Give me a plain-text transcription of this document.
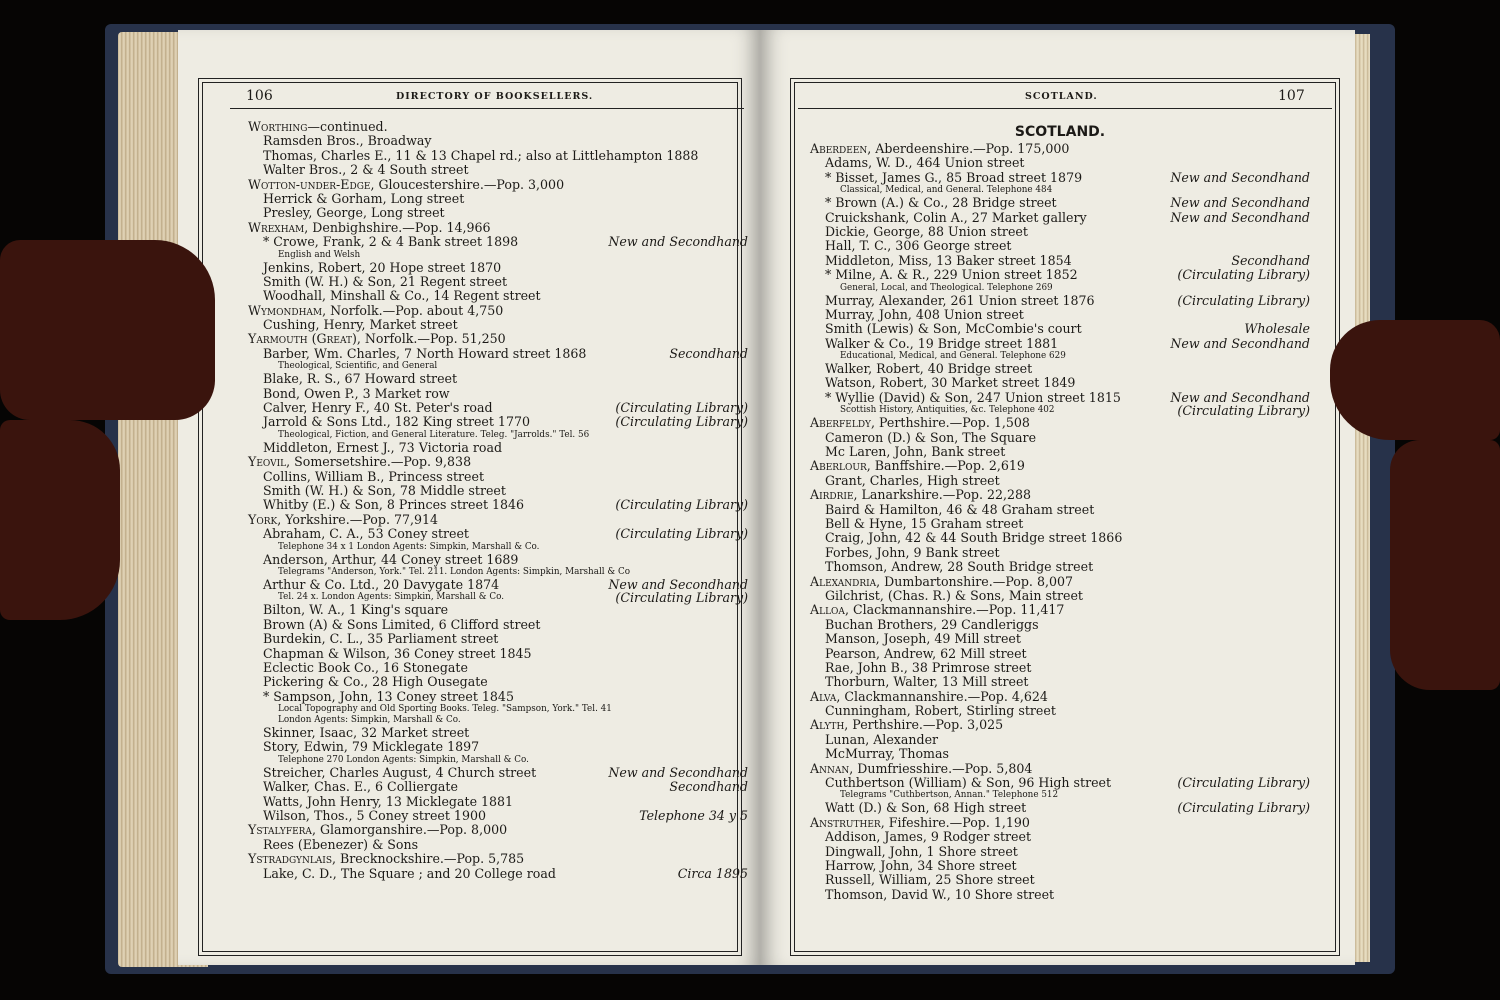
106	DIRECTORY OF BOOKSELLERS.
Worthing—continued.
Ramsden Bros., Broadway
Thomas, Charles E., 11 & 13 Chapel rd.; also at Littlehampton 1888
Walter Bros., 2 & 4 South street
Wotton-under-Edge, Gloucestershire.—Pop. 3,000
Herrick & Gorham, Long street
Presley, George, Long street
Wrexham, Denbighshire.—Pop. 14,966
* Crowe, Frank, 2 & 4 Bank street 1898	New and Secondhand
English and Welsh
Jenkins, Robert, 20 Hope street 1870
Smith (W. H.) & Son, 21 Regent street
Woodhall, Minshall & Co., 14 Regent street
Wymondham, Norfolk.—Pop. about 4,750
Cushing, Henry, Market street
Yarmouth (Great), Norfolk.—Pop. 51,250
Barber, Wm. Charles, 7 North Howard street 1868	Secondhand
Theological, Scientific, and General
Blake, R. S., 67 Howard street
Bond, Owen P., 3 Market row
Calver, Henry F., 40 St. Peter's road	(Circulating Library)
Jarrold & Sons Ltd., 182 King street 1770	(Circulating Library)
Theological, Fiction, and General Literature. Teleg. "Jarrolds." Tel. 56
Middleton, Ernest J., 73 Victoria road
Yeovil, Somersetshire.—Pop. 9,838
Collins, William B., Princess street
Smith (W. H.) & Son, 78 Middle street
Whitby (E.) & Son, 8 Princes street 1846	(Circulating Library)
York, Yorkshire.—Pop. 77,914
Abraham, C. A., 53 Coney street	(Circulating Library)
Telephone 34 x 1 London Agents: Simpkin, Marshall & Co.
Anderson, Arthur, 44 Coney street 1689
Telegrams "Anderson, York." Tel. 211. London Agents: Simpkin, Marshall & Co
Arthur & Co. Ltd., 20 Davygate 1874	New and Secondhand
Tel. 24 x. London Agents: Simpkin, Marshall & Co.	(Circulating Library)
Bilton, W. A., 1 King's square
Brown (A) & Sons Limited, 6 Clifford street
Burdekin, C. L., 35 Parliament street
Chapman & Wilson, 36 Coney street 1845
Eclectic Book Co., 16 Stonegate
Pickering & Co., 28 High Ousegate
* Sampson, John, 13 Coney street 1845
Local Topography and Old Sporting Books. Teleg. "Sampson, York." Tel. 41
London Agents: Simpkin, Marshall & Co.
Skinner, Isaac, 32 Market street
Story, Edwin, 79 Micklegate 1897
Telephone 270 London Agents: Simpkin, Marshall & Co.
Streicher, Charles August, 4 Church street	New and Secondhand
Walker, Chas. E., 6 Colliergate	Secondhand
Watts, John Henry, 13 Micklegate 1881
Wilson, Thos., 5 Coney street 1900	Telephone 34 y 5
Ystalyfera, Glamorganshire.—Pop. 8,000
Rees (Ebenezer) & Sons
Ystradgynlais, Brecknockshire.—Pop. 5,785
Lake, C. D., The Square ; and 20 College road	Circa 1895
SCOTLAND.	107
SCOTLAND.
Aberdeen, Aberdeenshire.—Pop. 175,000
Adams, W. D., 464 Union street
* Bisset, James G., 85 Broad street 1879	New and Secondhand
Classical, Medical, and General. Telephone 484
* Brown (A.) & Co., 28 Bridge street	New and Secondhand
Cruickshank, Colin A., 27 Market gallery	New and Secondhand
Dickie, George, 88 Union street
Hall, T. C., 306 George street
Middleton, Miss, 13 Baker street 1854	Secondhand
* Milne, A. & R., 229 Union street 1852	(Circulating Library)
General, Local, and Theological. Telephone 269
Murray, Alexander, 261 Union street 1876	(Circulating Library)
Murray, John, 408 Union street
Smith (Lewis) & Son, McCombie's court	Wholesale
Walker & Co., 19 Bridge street 1881	New and Secondhand
Educational, Medical, and General. Telephone 629
Walker, Robert, 40 Bridge street
Watson, Robert, 30 Market street 1849
* Wyllie (David) & Son, 247 Union street 1815	New and Secondhand
Scottish History, Antiquities, &c. Telephone 402	(Circulating Library)
Aberfeldy, Perthshire.—Pop. 1,508
Cameron (D.) & Son, The Square
Mc Laren, John, Bank street
Aberlour, Banffshire.—Pop. 2,619
Grant, Charles, High street
Airdrie, Lanarkshire.—Pop. 22,288
Baird & Hamilton, 46 & 48 Graham street
Bell & Hyne, 15 Graham street
Craig, John, 42 & 44 South Bridge street 1866
Forbes, John, 9 Bank street
Thomson, Andrew, 28 South Bridge street
Alexandria, Dumbartonshire.—Pop. 8,007
Gilchrist, (Chas. R.) & Sons, Main street
Alloa, Clackmannanshire.—Pop. 11,417
Buchan Brothers, 29 Candleriggs
Manson, Joseph, 49 Mill street
Pearson, Andrew, 62 Mill street
Rae, John B., 38 Primrose street
Thorburn, Walter, 13 Mill street
Alva, Clackmannanshire.—Pop. 4,624
Cunningham, Robert, Stirling street
Alyth, Perthshire.—Pop. 3,025
Lunan, Alexander
McMurray, Thomas
Annan, Dumfriesshire.—Pop. 5,804
Cuthbertson (William) & Son, 96 High street	(Circulating Library)
Telegrams "Cuthbertson, Annan." Telephone 512
Watt (D.) & Son, 68 High street	(Circulating Library)
Anstruther, Fifeshire.—Pop. 1,190
Addison, James, 9 Rodger street
Dingwall, John, 1 Shore street
Harrow, John, 34 Shore street
Russell, William, 25 Shore street
Thomson, David W., 10 Shore street
